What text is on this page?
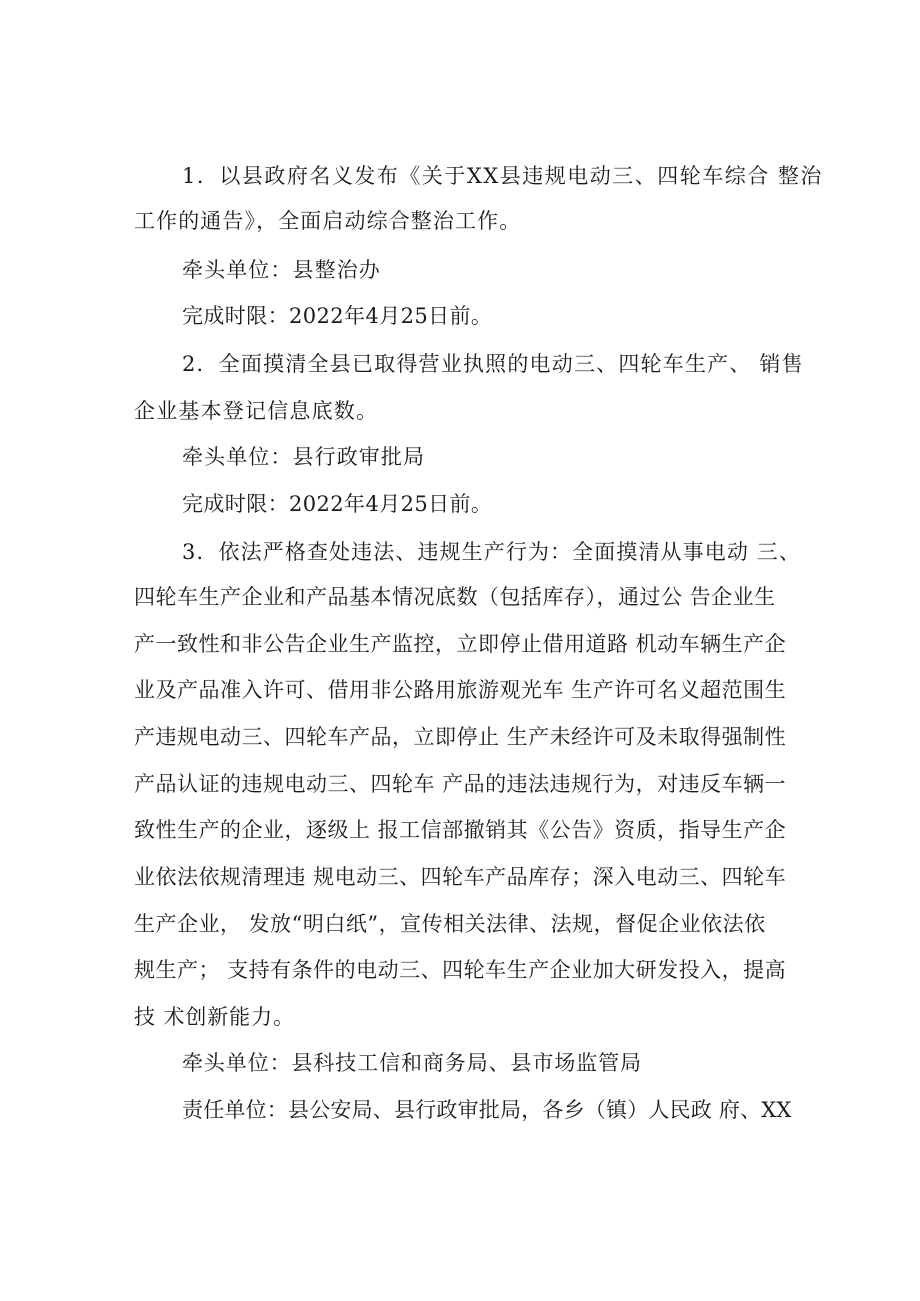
1．以县政府名义发布《关于XX县违规电动三、四轮车综合 整治
工作的通告》，全面启动综合整治工作。
牵头单位：县整治办
完成时限：2022年4月25日前。
2．全面摸清全县已取得营业执照的电动三、四轮车生产、 销售
企业基本登记信息底数。
牵头单位：县行政审批局
完成时限：2022年4月25日前。
3．依法严格查处违法、违规生产行为：全面摸清从事电动 三、
四轮车生产企业和产品基本情况底数（包括库存），通过公 告企业生
产一致性和非公告企业生产监控，立即停止借用道路 机动车辆生产企
业及产品准入许可、借用非公路用旅游观光车 生产许可名义超范围生
产违规电动三、四轮车产品，立即停止 生产未经许可及未取得强制性
产品认证的违规电动三、四轮车 产品的违法违规行为，对违反车辆一
致性生产的企业，逐级上 报工信部撤销其《公告》资质，指导生产企
业依法依规清理违 规电动三、四轮车产品库存；深入电动三、四轮车
生产企业， 发放“明白纸”，宣传相关法律、法规，督促企业依法依
规生产； 支持有条件的电动三、四轮车生产企业加大研发投入，提高
技 术创新能力。
牵头单位：县科技工信和商务局、县市场监管局
责任单位：县公安局、县行政审批局，各乡（镇）人民政 府、XX
